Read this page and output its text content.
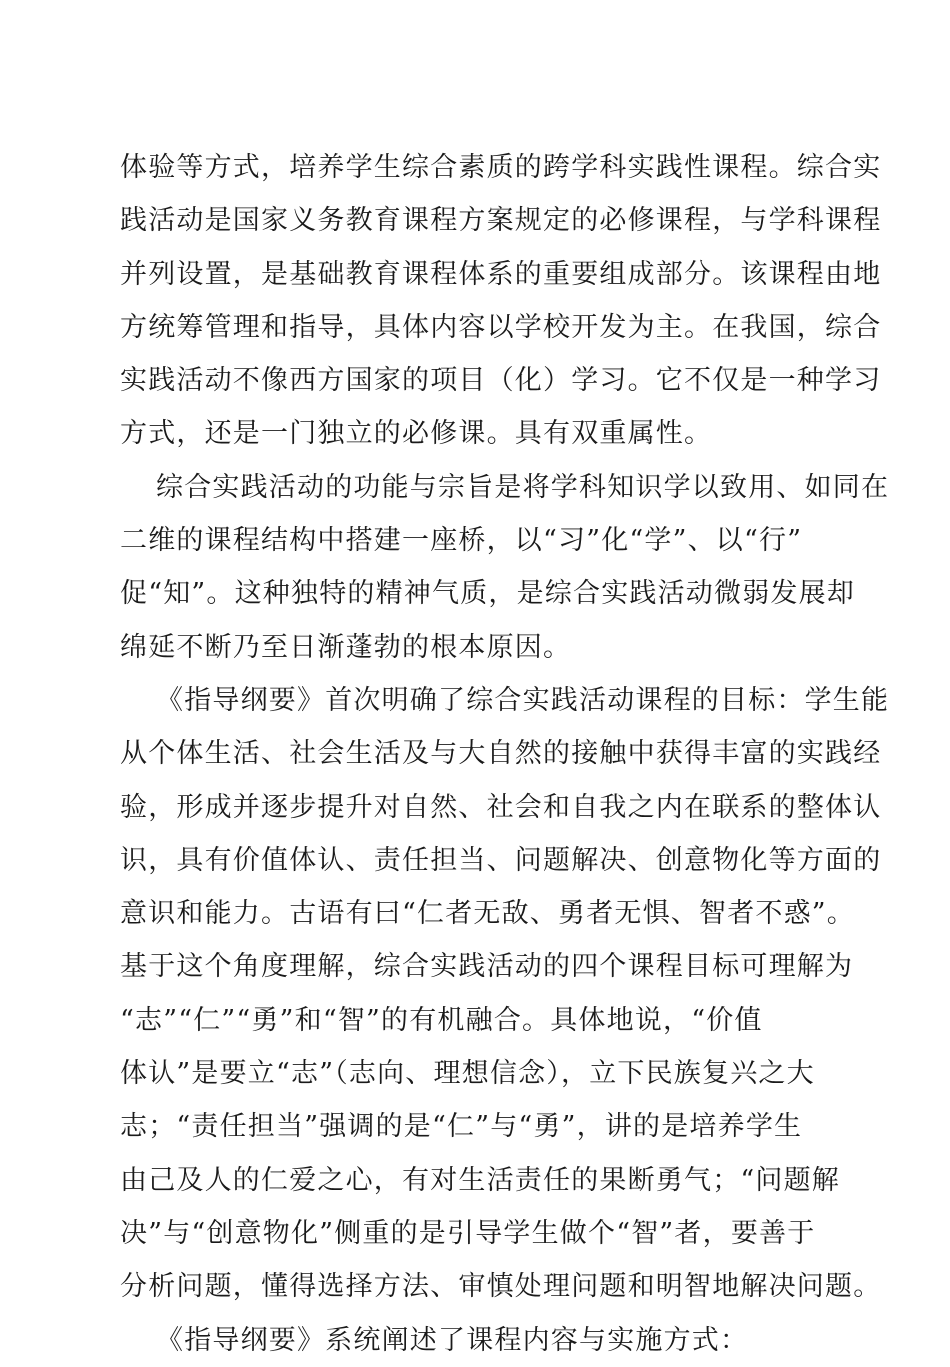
体验等方式，培养学生综合素质的跨学科实践性课程。综合实
践活动是国家义务教育课程方案规定的必修课程，与学科课程
并列设置，是基础教育课程体系的重要组成部分。该课程由地
方统筹管理和指导，具体内容以学校开发为主。在我国，综合
实践活动不像西方国家的项目（化）学习。它不仅是一种学习
方式，还是一门独立的必修课。具有双重属性。
综合实践活动的功能与宗旨是将学科知识学以致用、如同在
二维的课程结构中搭建一座桥，以“习”化“学”、以“行”
促“知”。这种独特的精神气质，是综合实践活动微弱发展却
绵延不断乃至日渐蓬勃的根本原因。
《指导纲要》首次明确了综合实践活动课程的目标：学生能
从个体生活、社会生活及与大自然的接触中获得丰富的实践经
验，形成并逐步提升对自然、社会和自我之内在联系的整体认
识，具有价值体认、责任担当、问题解决、创意物化等方面的
意识和能力。古语有曰“仁者无敌、勇者无惧、智者不惑”。
基于这个角度理解，综合实践活动的四个课程目标可理解为
“志”“仁”“勇”和“智”的有机融合。具体地说，“价值
体认”是要立“志”（志向、理想信念），立下民族复兴之大
志；“责任担当”强调的是“仁”与“勇”，讲的是培养学生
由己及人的仁爱之心，有对生活责任的果断勇气；“问题解
决”与“创意物化”侧重的是引导学生做个“智”者，要善于
分析问题，懂得选择方法、审慎处理问题和明智地解决问题。
《指导纲要》系统阐述了课程内容与实施方式：
